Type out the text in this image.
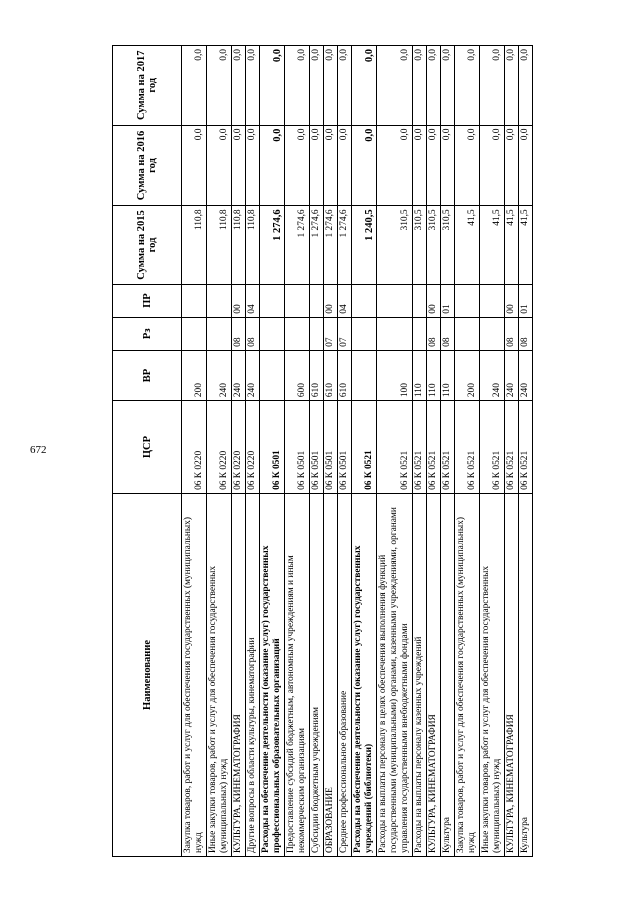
672
Наименование	ЦСР	ВР	Рз	ПР	Сумма на 2015 год	Сумма на 2016 год	Сумма на 2017 год
Закупка товаров, работ и услуг для обеспечения государственных (муниципальных) нужд	06 К 0220	200			110,8	0,0	0,0
Иные закупки товаров, работ и услуг для обеспечения государственных (муниципальных) нужд	06 К 0220	240			110,8	0,0	0,0
КУЛЬТУРА, КИНЕМАТОГРАФИЯ	06 К 0220	240	08	00	110,8	0,0	0,0
Другие вопросы в области культуры, кинематографии	06 К 0220	240	08	04	110,8	0,0	0,0
Расходы на обеспечение деятельности (оказание услуг) государственных профессиональных образовательных организаций	06 К 0501				1 274,6	0,0	0,0
Предоставление субсидий бюджетным, автономным учреждениям и иным некоммерческим организациям	06 К 0501	600			1 274,6	0,0	0,0
Субсидии бюджетным учреждениям	06 К 0501	610			1 274,6	0,0	0,0
ОБРАЗОВАНИЕ	06 К 0501	610	07	00	1 274,6	0,0	0,0
Среднее профессиональное образование	06 К 0501	610	07	04	1 274,6	0,0	0,0
Расходы на обеспечение деятельности (оказание услуг) государственных учреждений (библиотеки)	06 К 0521				1 240,5	0,0	0,0
Расходы на выплаты персоналу в целях обеспечения выполнения функций государственными (муниципальными) органами, казенными учреждениями, органами управления государственными внебюджетными фондами	06 К 0521	100			310,5	0,0	0,0
Расходы на выплаты персоналу казенных учреждений	06 К 0521	110			310,5	0,0	0,0
КУЛЬТУРА, КИНЕМАТОГРАФИЯ	06 К 0521	110	08	00	310,5	0,0	0,0
Культура	06 К 0521	110	08	01	310,5	0,0	0,0
Закупка товаров, работ и услуг для обеспечения государственных (муниципальных) нужд	06 К 0521	200			41,5	0,0	0,0
Иные закупки товаров, работ и услуг для обеспечения государственных (муниципальных) нужд	06 К 0521	240			41,5	0,0	0,0
КУЛЬТУРА, КИНЕМАТОГРАФИЯ	06 К 0521	240	08	00	41,5	0,0	0,0
Культура	06 К 0521	240	08	01	41,5	0,0	0,0
